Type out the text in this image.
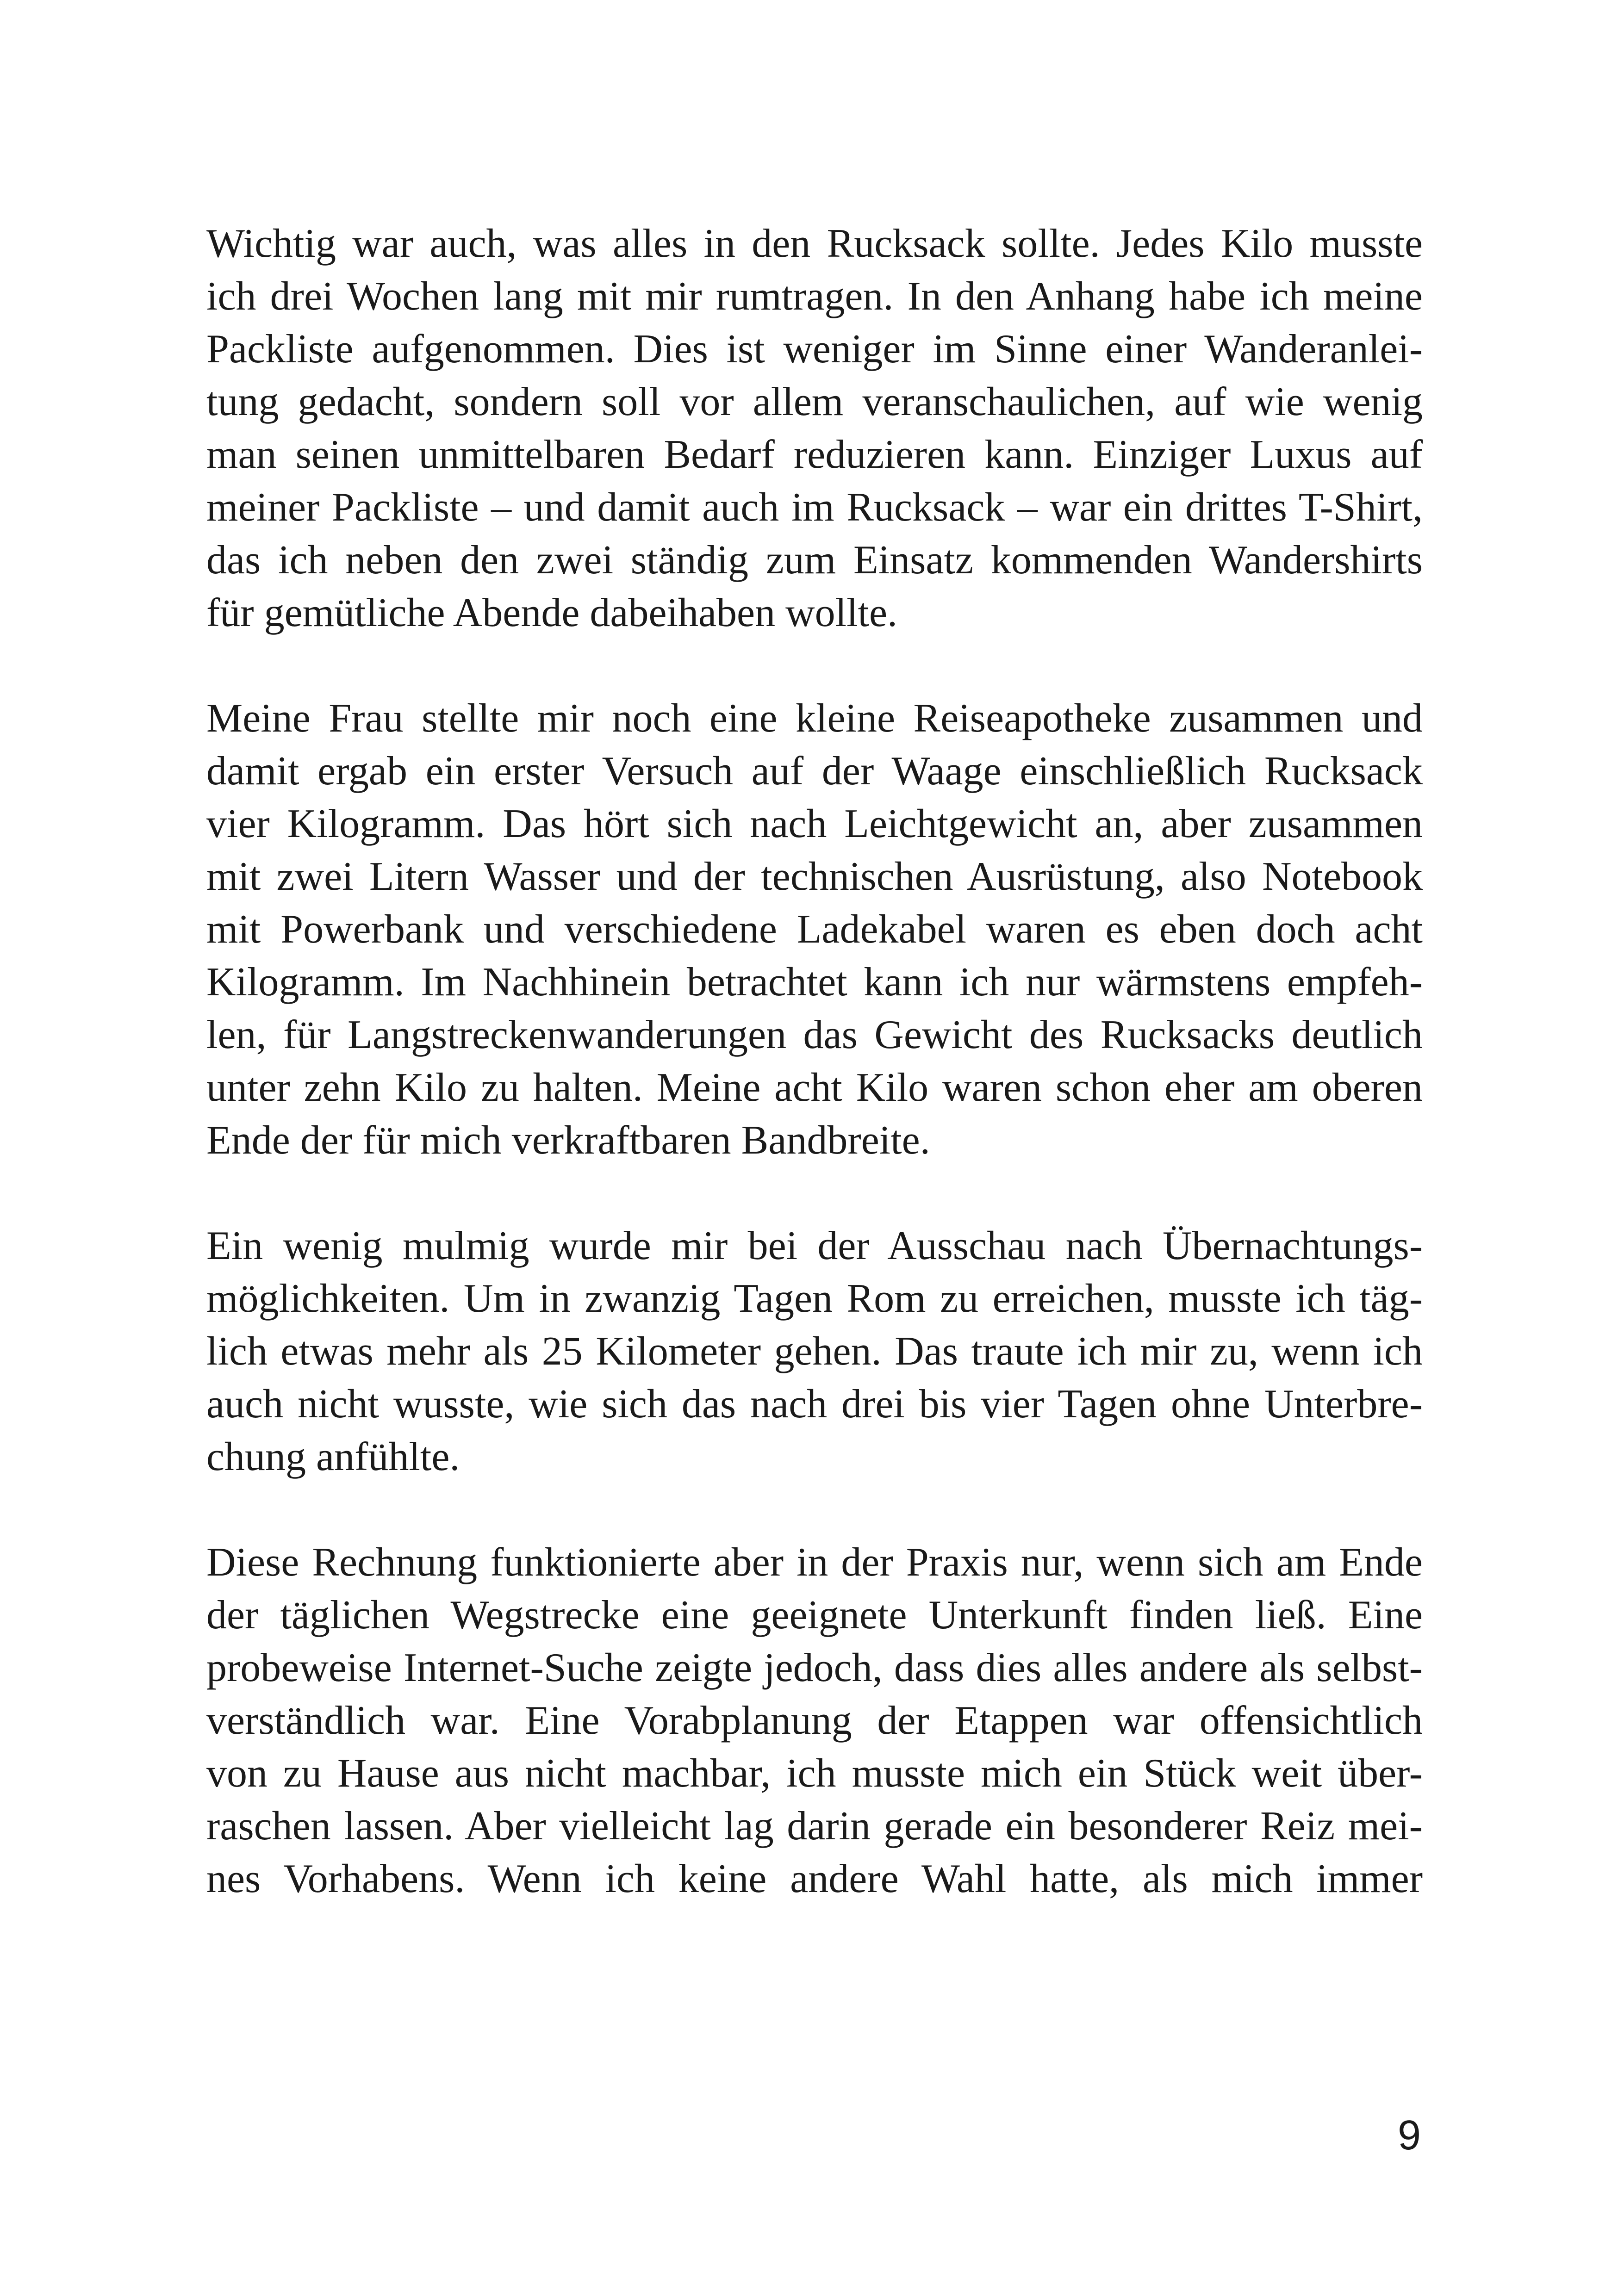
Wichtig war auch, was alles in den Rucksack sollte. Jedes Kilo musste
ich drei Wochen lang mit mir rumtragen. In den Anhang habe ich meine
Packliste aufgenommen. Dies ist weniger im Sinne einer Wanderanlei-
tung gedacht, sondern soll vor allem veranschaulichen, auf wie wenig
man seinen unmittelbaren Bedarf reduzieren kann. Einziger Luxus auf
meiner Packliste – und damit auch im Rucksack – war ein drittes T-Shirt,
das ich neben den zwei ständig zum Einsatz kommenden Wandershirts
für gemütliche Abende dabeihaben wollte.
Meine Frau stellte mir noch eine kleine Reiseapotheke zusammen und
damit ergab ein erster Versuch auf der Waage einschließlich Rucksack
vier Kilogramm. Das hört sich nach Leichtgewicht an, aber zusammen
mit zwei Litern Wasser und der technischen Ausrüstung, also Notebook
mit Powerbank und verschiedene Ladekabel waren es eben doch acht
Kilogramm. Im Nachhinein betrachtet kann ich nur wärmstens empfeh-
len, für Langstreckenwanderungen das Gewicht des Rucksacks deutlich
unter zehn Kilo zu halten. Meine acht Kilo waren schon eher am oberen
Ende der für mich verkraftbaren Bandbreite.
Ein wenig mulmig wurde mir bei der Ausschau nach Übernachtungs-
möglichkeiten. Um in zwanzig Tagen Rom zu erreichen, musste ich täg-
lich etwas mehr als 25 Kilometer gehen. Das traute ich mir zu, wenn ich
auch nicht wusste, wie sich das nach drei bis vier Tagen ohne Unterbre-
chung anfühlte.
Diese Rechnung funktionierte aber in der Praxis nur, wenn sich am Ende
der täglichen Wegstrecke eine geeignete Unterkunft finden ließ. Eine
probeweise Internet-Suche zeigte jedoch, dass dies alles andere als selbst-
verständlich war. Eine Vorabplanung der Etappen war offensichtlich
von zu Hause aus nicht machbar, ich musste mich ein Stück weit über-
raschen lassen. Aber vielleicht lag darin gerade ein besonderer Reiz mei-
nes Vorhabens. Wenn ich keine andere Wahl hatte, als mich immer
9
